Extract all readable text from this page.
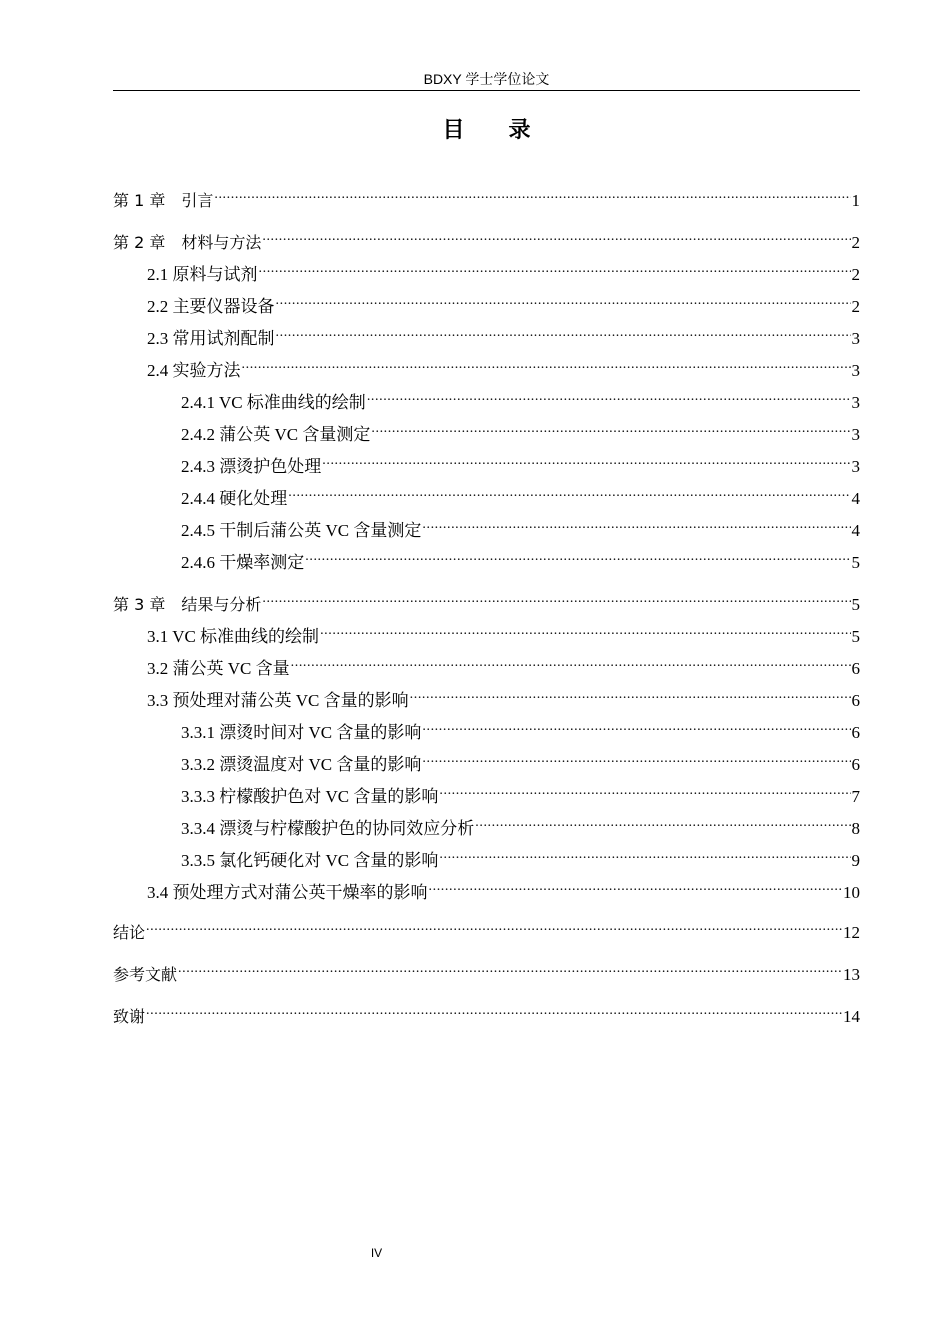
BDXY 学士学位论文
目 录
第 1 章　引言 .....	1
第 2 章　材料与方法 .....	2
2.1 原料与试剂 .....	2
2.2 主要仪器设备 .....	2
2.3 常用试剂配制 .....	3
2.4 实验方法 .....	3
2.4.1 VC 标准曲线的绘制 .....	3
2.4.2 蒲公英 VC 含量测定 .....	3
2.4.3 漂烫护色处理 .....	3
2.4.4 硬化处理 .....	4
2.4.5 干制后蒲公英 VC 含量测定 .....	4
2.4.6 干燥率测定 .....	5
第 3 章　结果与分析 .....	5
3.1 VC 标准曲线的绘制 .....	5
3.2 蒲公英 VC 含量 .....	6
3.3 预处理对蒲公英 VC 含量的影响 .....	6
3.3.1 漂烫时间对 VC 含量的影响 .....	6
3.3.2 漂烫温度对 VC 含量的影响 .....	6
3.3.3 柠檬酸护色对 VC 含量的影响 .....	7
3.3.4 漂烫与柠檬酸护色的协同效应分析 .....	8
3.3.5 氯化钙硬化对 VC 含量的影响 .....	9
3.4 预处理方式对蒲公英干燥率的影响 .....	10
结论 .....	12
参考文献 .....	13
致谢 .....	14
IV
